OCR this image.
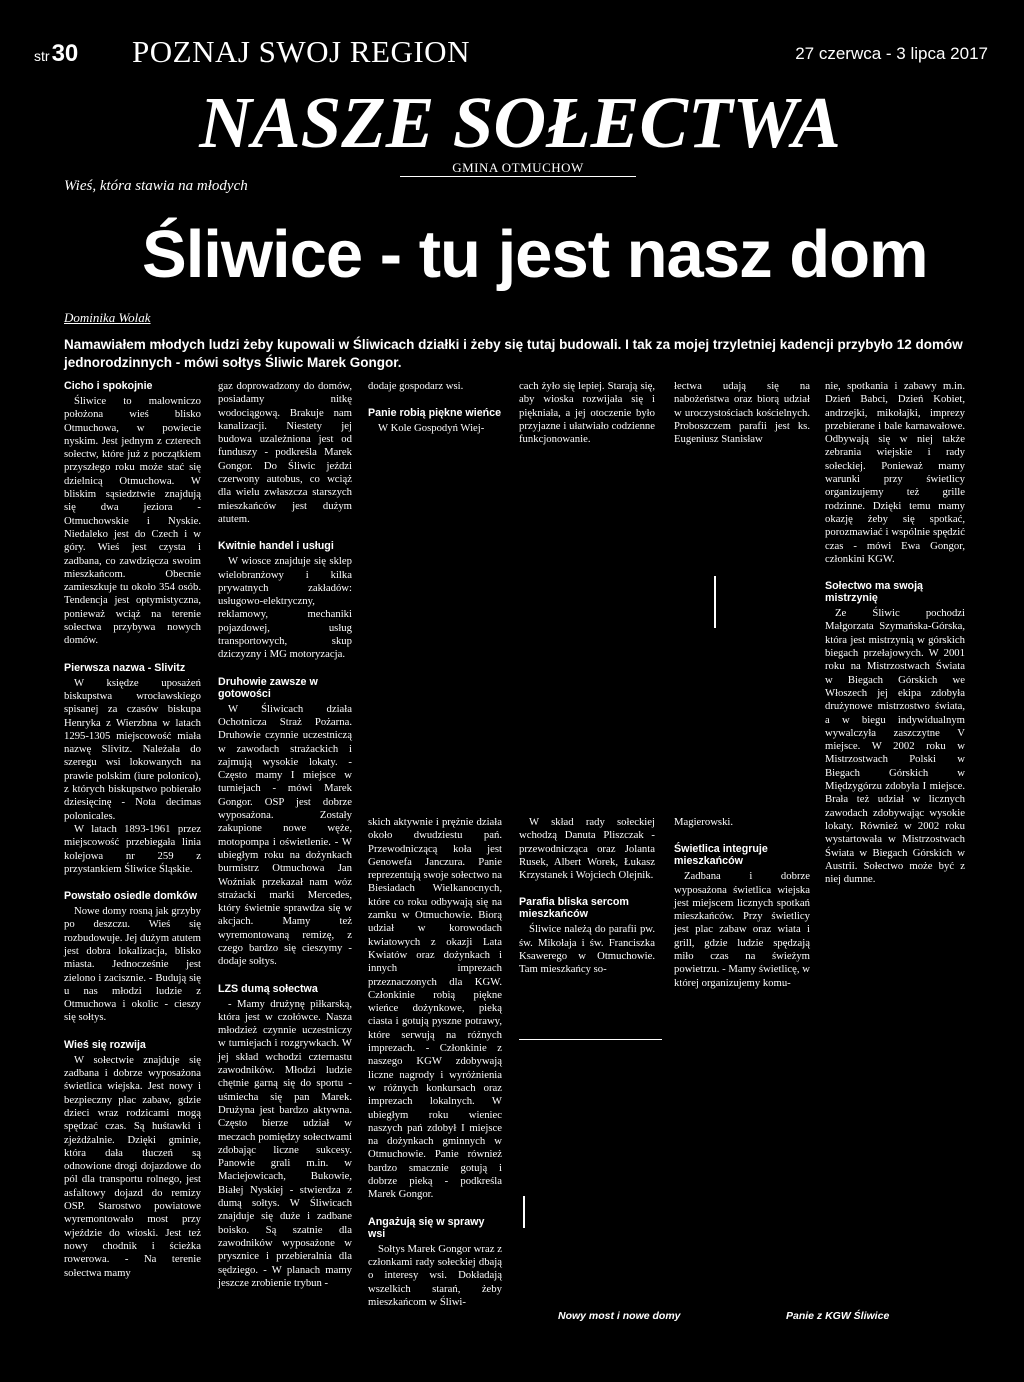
str30 POZNAJ SWOJ REGION	27 czerwca - 3 lipca 2017
NASZE SOŁECTWA
Wieś, która stawia na młodych
GMINA OTMUCHOW
Śliwice - tu jest nasz dom
Dominika Wolak
Namawiałem młodych ludzi żeby kupowali w Śliwicach działki i żeby się tutaj budowali. I tak za mojej trzyletniej kadencji przybyło 12 domów jednorodzinnych - mówi sołtys Śliwic Marek Gongor.
Cicho i spokojnie

Śliwice to malowniczo położona wieś blisko Otmuchowa, w powiecie nyskim. Jest jednym z czterech sołectw, które już z początkiem przyszłego roku może stać się dzielnicą Otmuchowa. W bliskim sąsiedztwie znajdują się dwa jeziora - Otmuchowskie i Nyskie. Niedaleko jest do Czech i w góry. Wieś jest czysta i zadbana, co zawdzięcza swoim mieszkańcom. Obecnie zamieszkuje tu około 354 osób. Tendencja jest optymistyczna, ponieważ wciąż na terenie sołectwa przybywa nowych domów.

Pierwsza nazwa - Slivitz

W księdze uposażeń biskupstwa wrocławskiego spisanej za czasów biskupa Henryka z Wierzbna w latach 1295-1305 miejscowość miała nazwę Slivitz. Należała do szeregu wsi lokowanych na prawie polskim (iure polonico), z których biskupstwo pobierało dziesięcinę - Nota decimas polonicales.

W latach 1893-1961 przez miejscowość przebiegała linia kolejowa nr 259 z przystankiem Śliwice Śląskie.

Powstało osiedle domków

Nowe domy rosną jak grzyby po deszczu. Wieś się rozbudowuje. Jej dużym atutem jest dobra lokalizacja, blisko miasta. Jednocześnie jest zielono i zacisznie. - Budują się u nas młodzi ludzie z Otmuchowa i okolic - cieszy się sołtys.

Wieś się rozwija

W sołectwie znajduje się zadbana i dobrze wyposażona świetlica wiejska. Jest nowy i bezpieczny plac zabaw, gdzie dzieci wraz rodzicami mogą spędzać czas. Są huśtawki i zjeżdżalnie. Dzięki gminie, która dała tłuczeń są odnowione drogi dojazdowe do pól dla transportu rolnego, jest asfaltowy dojazd do remizy OSP. Starostwo powiatowe wyremontowało most przy wjeździe do wioski. Jest też nowy chodnik i ścieżka rowerowa. - Na terenie sołectwa mamy

gaz doprowadzony do domów, posiadamy nitkę wodociągową. Brakuje nam kanalizacji. Niestety jej budowa uzależniona jest od funduszy - podkreśla Marek Gongor. Do Śliwic jeździ czerwony autobus, co wciąż dla wielu zwłaszcza starszych mieszkańców jest dużym atutem.

Kwitnie handel i usługi

W wiosce znajduje się sklep wielobranżowy i kilka prywatnych zakładów: usługowo-elektryczny, reklamowy, mechaniki pojazdowej, usług transportowych, skup dziczyzny i MG motoryzacja.

Druhowie zawsze w gotowości

W Śliwicach działa Ochotnicza Straż Pożarna. Druhowie czynnie uczestniczą w zawodach strażackich i zajmują wysokie lokaty. - Często mamy I miejsce w turniejach - mówi Marek Gongor. OSP jest dobrze wyposażona. Zostały zakupione nowe węże, motopompa i oświetlenie. - W ubiegłym roku na dożynkach burmistrz Otmuchowa Jan Woźniak przekazał nam wóz strażacki marki Mercedes, który świetnie sprawdza się w akcjach. Mamy też wyremontowaną remizę, z czego bardzo się cieszymy - dodaje sołtys.

LZS dumą sołectwa

- Mamy drużynę piłkarską, która jest w czołówce. Nasza młodzież czynnie uczestniczy w turniejach i rozgrywkach. W jej skład wchodzi czternastu zawodników. Młodzi ludzie chętnie garną się do sportu - uśmiecha się pan Marek. Drużyna jest bardzo aktywna. Często bierze udział w meczach pomiędzy sołectwami zdobając liczne sukcesy. Panowie grali m.in. w Maciejowicach, Bukowie, Białej Nyskiej - stwierdza z dumą sołtys. W Śliwicach znajduje się duże i zadbane boisko. Są szatnie dla zawodników wyposażone w prysznice i przebieralnia dla sędziego. - W planach mamy jeszcze zrobienie trybun -

dodaje gospodarz wsi.

Panie robią piękne wieńce

W Kole Gospodyń Wiej-

skich aktywnie i prężnie działa około dwudziestu pań. Przewodniczącą koła jest Genowefa Janczura. Panie reprezentują swoje sołectwo na Biesiadach Wielkanocnych, które co roku odbywają się na zamku w Otmuchowie. Biorą udział w korowodach kwiatowych z okazji Lata Kwiatów oraz dożynkach i innych imprezach przeznaczonych dla KGW. Członkinie robią piękne wieńce dożynkowe, pieką ciasta i gotują pyszne potrawy, które serwują na różnych imprezach. - Członkinie z naszego KGW zdobywają liczne nagrody i wyróżnienia w różnych konkursach oraz imprezach lokalnych. W ubiegłym roku wieniec naszych pań zdobył I miejsce na dożynkach gminnych w Otmuchowie. Panie również bardzo smacznie gotują i dobrze pieką - podkreśla Marek Gongor.

Angażują się w sprawy wsi

Sołtys Marek Gongor wraz z członkami rady sołeckiej dbają o interesy wsi. Dokładają wszelkich starań, żeby mieszkańcom w Śliwi-

cach żyło się lepiej. Starają się, aby wioska rozwijała się i piękniała, a jej otoczenie było przyjazne i ułatwiało codzienne funkcjonowanie.

W skład rady sołeckiej wchodzą Danuta Pliszczak - przewodnicząca oraz Jolanta Rusek, Albert Worek, Łukasz Krzystanek i Wojciech Olejnik.

Parafia bliska sercom mieszkańców

Śliwice należą do parafii pw. św. Mikołaja i św. Franciszka Ksawerego w Otmuchowie. Tam mieszkańcy so-

łectwa udają się na nabożeństwa oraz biorą udział w uroczystościach kościelnych. Proboszczem parafii jest ks. Eugeniusz Stanisław

Magierowski.

Świetlica integruje mieszkańców

Zadbana i dobrze wyposażona świetlica wiejska jest miejscem licznych spotkań mieszkańców. Przy świetlicy jest plac zabaw oraz wiata i grill, gdzie ludzie spędzają miło czas na świeżym powietrzu. - Mamy świetlicę, w której organizujemy komu-

nie, spotkania i zabawy m.in. Dzień Babci, Dzień Kobiet, andrzejki, mikołajki, imprezy przebierane i bale karnawałowe. Odbywają się w niej także zebrania wiejskie i rady sołeckiej. Ponieważ mamy warunki przy świetlicy organizujemy też grille rodzinne. Dzięki temu mamy okazję żeby się spotkać, porozmawiać i wspólnie spędzić czas - mówi Ewa Gongor, członkini KGW.

Sołectwo ma swoją mistrzynię

Ze Śliwic pochodzi Małgorzata Szymańska-Górska, która jest mistrzynią w górskich biegach przełajowych. W 2001 roku na Mistrzostwach Świata w Biegach Górskich we Włoszech jej ekipa zdobyła drużynowe mistrzostwo świata, a w biegu indywidualnym wywalczyła zaszczytne V miejsce. W 2002 roku w Mistrzostwach Polski w Biegach Górskich w Międzygórzu zdobyła I miejsce. Brała też udział w licznych zawodach zdobywając wysokie lokaty. Również w 2002 roku wystartowała w Mistrzostwach Świata w Biegach Górskich w Austrii. Sołectwo może być z niej dumne.

Nowy most i nowe domy	Panie z KGW Śliwice
